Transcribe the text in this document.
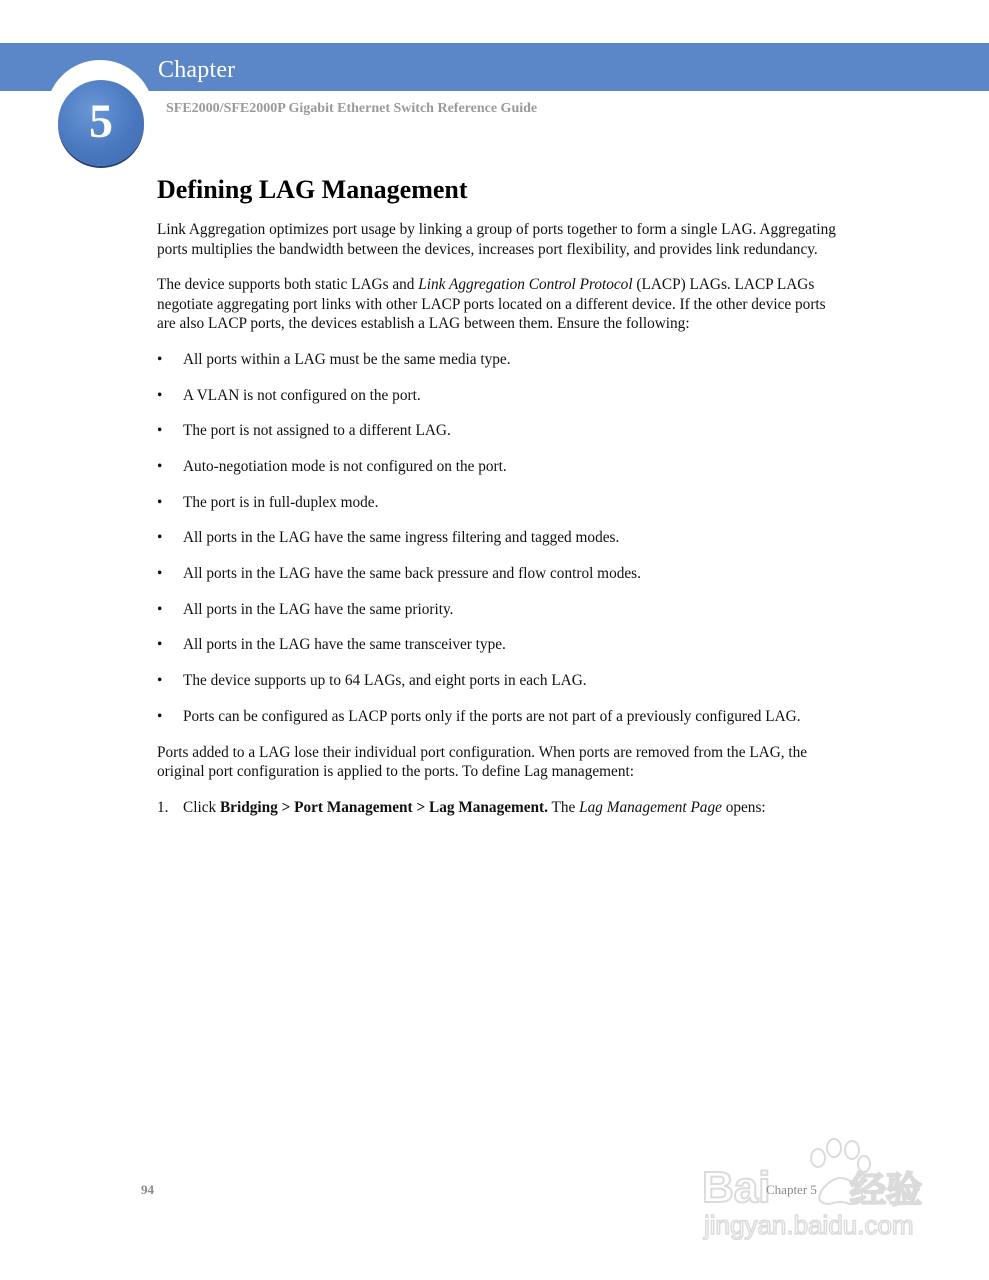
Chapter
5	SFE2000/SFE2000P Gigabit Ethernet Switch Reference Guide
Defining LAG Management

Link Aggregation optimizes port usage by linking a group of ports together to form a single LAG. Aggregating ports multiplies the bandwidth between the devices, increases port flexibility, and provides link redundancy.

The device supports both static LAGs and Link Aggregation Control Protocol (LACP) LAGs. LACP LAGs negotiate aggregating port links with other LACP ports located on a different device. If the other device ports are also LACP ports, the devices establish a LAG between them. Ensure the following:

• All ports within a LAG must be the same media type.
• A VLAN is not configured on the port.
• The port is not assigned to a different LAG.
• Auto-negotiation mode is not configured on the port.
• The port is in full-duplex mode.
• All ports in the LAG have the same ingress filtering and tagged modes.
• All ports in the LAG have the same back pressure and flow control modes.
• All ports in the LAG have the same priority.
• All ports in the LAG have the same transceiver type.
• The device supports up to 64 LAGs, and eight ports in each LAG.
• Ports can be configured as LACP ports only if the ports are not part of a previously configured LAG.

Ports added to a LAG lose their individual port configuration. When ports are removed from the LAG, the original port configuration is applied to the ports. To define Lag management:

1. Click Bridging > Port Management > Lag Management. The Lag Management Page opens:
94	Chapter 5
Bai 经验
jingyan.baidu.com
